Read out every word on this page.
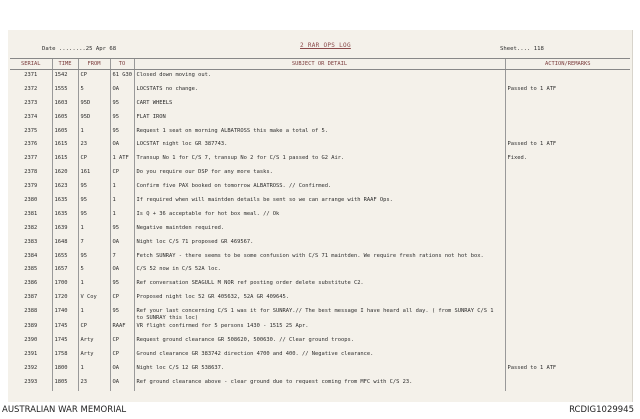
Date ........25 Apr 68	2 RAR OPS LOG	Sheet.... 118
SERIAL	TIME	FROM	TO	SUBJECT OR DETAIL	ACTION/REMARKS
2371	1542	CP	61 G30	Closed down moving out.	
2372	1555	5	OA	LOCSTATS no change.	Passed to 1 ATF
2373	1603	95D	95	CART WHEELS	
2374	1605	95D	95	FLAT IRON	
2375	1605	1	95	Request 1 seat on morning ALBATROSS this make a total of 5.	
2376	1615	23	OA	LOCSTAT night loc GR 387743.	Passed to 1 ATF
2377	1615	CP	1 ATF	Transup No 1 for C/S 7, transup No 2 for C/S 1 passed to G2 Air.	Fixed.
2378	1620	161	CP	Do you require our DSP for any more tasks.	
2379	1623	95	1	Confirm five PAX booked on tomorrow ALBATROSS. // Confirmed.	
2380	1635	95	1	If required when will maintden details be sent so we can arrange with RAAF Ops.	
2381	1635	95	1	Is Q + 36 acceptable for hot box meal. // Ok	
2382	1639	1	95	Negative maintden required.	
2383	1648	7	OA	Night loc C/S 71 proposed GR 469567.	
2384	1655	95	7	Fetch SUNRAY - there seems to be some confusion with C/S 71 maintden. We require fresh rations not hot box.	
2385	1657	5	OA	C/S 52 now in C/S 52A loc.	
2386	1700	1	95	Ref conversation SEAGULL M NOR ref posting order delete substitute C2.	
2387	1720	V Coy	CP	Proposed night loc 52 GR 405632, 52A GR 409645.	
2388	1740	1	95	Ref your last concerning C/S 1 was it for SUNRAY.// The best message I have heard all day. ( from SUNRAY C/S 1 to SUNRAY this loc)	
2389	1745	CP	RAAF	VR flight confirmed for 5 persons 1430 - 1515 25 Apr.	
2390	1745	Arty	CP	Request ground clearance GR 508620, 500630. // Clear ground troops.	
2391	1758	Arty	CP	Ground clearance GR 383742 direction 4700 and 400. // Negative clearance.	
2392	1800	1	OA	Night loc C/S 12 GR 538637.	Passed to 1 ATF
2393	1805	23	OA	Ref ground clearance above - clear ground due to request coming from MFC with C/S 23.	
AUSTRALIAN WAR MEMORIAL	RCDIG1029945
